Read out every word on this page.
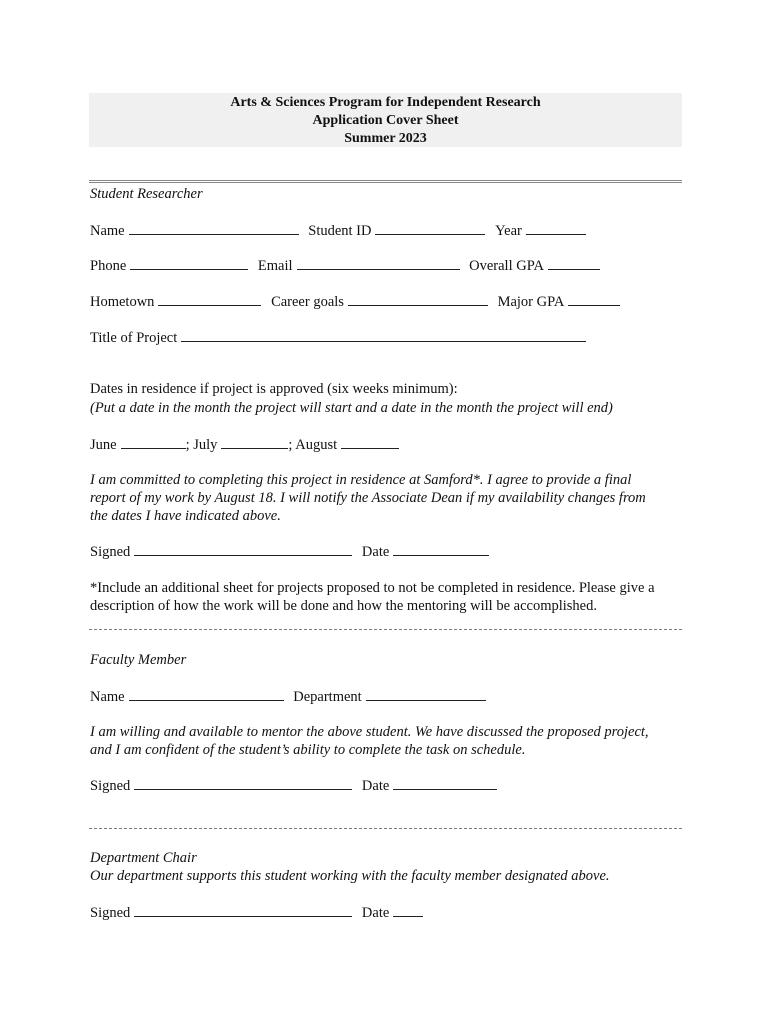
Arts & Sciences Program for Independent Research
Application Cover Sheet
Summer 2023
Student Researcher
Name	Student ID	Year
Phone	Email	Overall GPA
Hometown	Career goals	Major GPA
Title of Project
Dates in residence if project is approved (six weeks minimum):
(Put a date in the month the project will start and a date in the month the project will end)
June	; July	; August
I am committed to completing this project in residence at Samford*. I agree to provide a final
report of my work by August 18. I will notify the Associate Dean if my availability changes from
the dates I have indicated above.
Signed	Date
*Include an additional sheet for projects proposed to not be completed in residence. Please give a
description of how the work will be done and how the mentoring will be accomplished.
Faculty Member
Name	Department
I am willing and available to mentor the above student. We have discussed the proposed project,
and I am confident of the student’s ability to complete the task on schedule.
Signed	Date
Department Chair
Our department supports this student working with the faculty member designated above.
Signed	Date
